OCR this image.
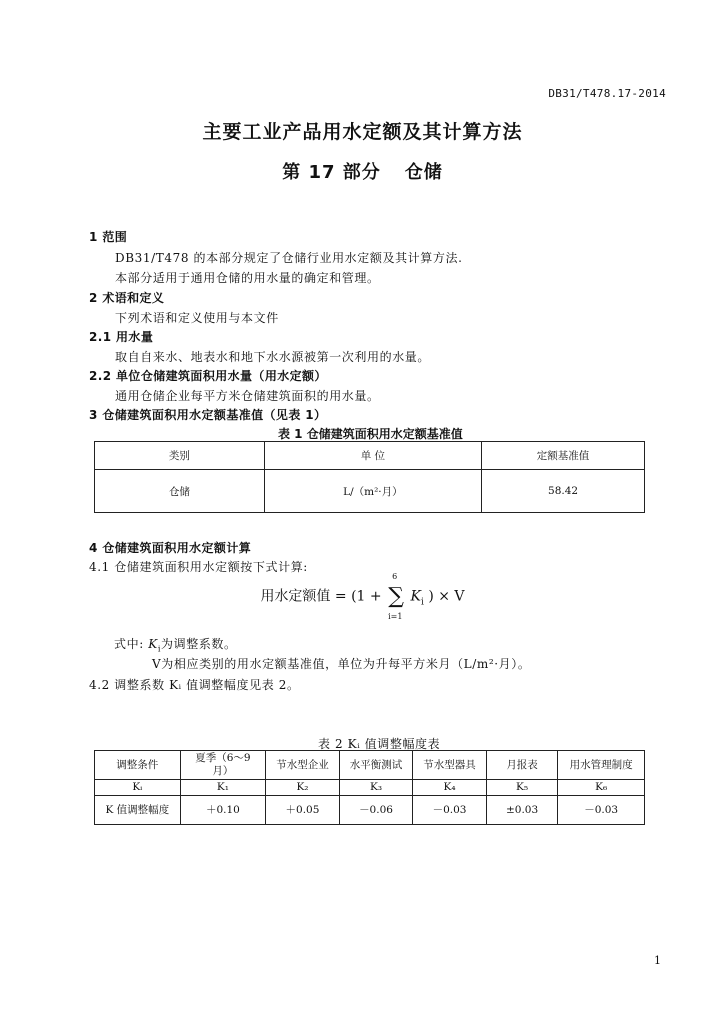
DB31/T478.17-2014
主要工业产品用水定额及其计算方法
第 17 部分 仓储
1 范围
DB31/T478 的本部分规定了仓储行业用水定额及其计算方法.
本部分适用于通用仓储的用水量的确定和管理。
2 术语和定义
下列术语和定义使用与本文件
2.1 用水量
取自自来水、地表水和地下水水源被第一次利用的水量。
2.2 单位仓储建筑面积用水量（用水定额）
通用仓储企业每平方米仓储建筑面积的用水量。
3 仓储建筑面积用水定额基准值（见表 1）
表 1 仓储建筑面积用水定额基准值
类别	单 位	定额基准值
仓储	L/（m²·月）	58.42
4 仓储建筑面积用水定额计算
4.1 仓储建筑面积用水定额按下式计算:
用水定额值 = (1 + ∑
6
i=1
$K_i$ ) × V
式中: $K_i$为调整系数。
V为相应类别的用水定额基准值，单位为升每平方米月（L/m²·月）。
4.2 调整系数 Kᵢ 值调整幅度见表 2。
表 2 Kᵢ 值调整幅度表
调整条件	夏季（6～9 月）	节水型企业	水平衡测试	节水型器具	月报表	用水管理制度
Kᵢ	K₁	K₂	K₃	K₄	K₅	K₆
K 值调整幅度	＋0.10	＋0.05	－0.06	－0.03	±0.03	－0.03
1
